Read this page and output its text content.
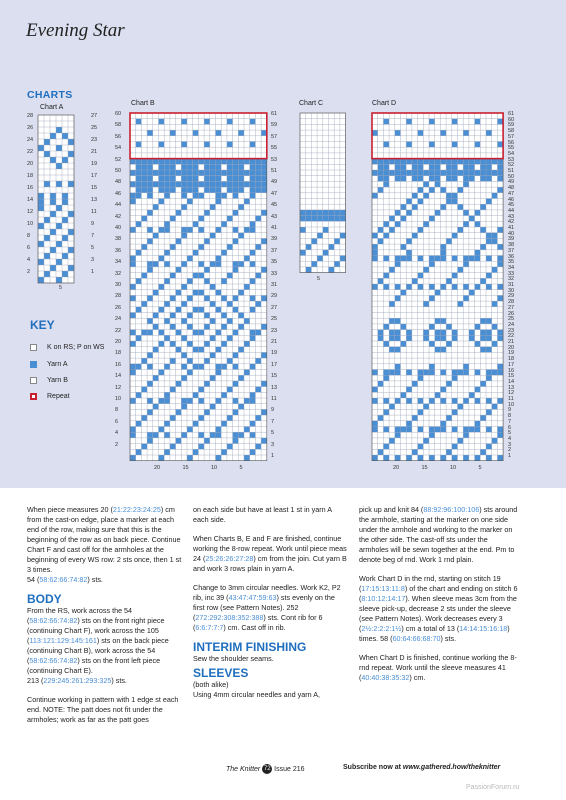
Evening Star
CHARTS
Chart A
28
26
24
22
20
18
16
14
12
10
8
6
4
2
27
25
23
21
19
17
15
13
11
9
7
5
3
1
5
Chart B
60
58
56
54
52
50
48
46
44
42
40
38
36
34
32
30
28
26
24
22
20
18
16
14
12
10
8
6
4
2
61
59
57
55
53
51
49
47
45
43
41
39
37
35
33
31
29
27
25
23
21
19
17
15
13
11
9
7
5
3
1
20	15	10	5
Chart C
5
Chart D
61
60
59
58
57
56
55
54
53
52
51
50
49
48
47
46
45
44
43
42
41
40
39
38
37
36
35
34
33
32
31
30
29
28
27
26
25
24
23
22
21
20
19
18
17
16
15
14
13
12
11
10
9
8
7
6
5
4
3
2
1
20	15	10	5
KEY
K on RS; P on WS
Yarn A
Yarn B
Repeat

When piece measures 20 (21:22:23:24:25) cm from the cast-on edge, place a marker at each end of the row, making sure that this is the beginning of the row as on back piece. Continue Chart F and cast off for the armholes at the beginning of every WS row: 2 sts once, then 1 st 3 times.
54 (58:62:66:74:82) sts.

BODY

From the RS, work across the 54 (58:62:66:74:82) sts on the front right piece (continuing Chart F), work across the 105 (113:121:129:145:161) sts on the back piece (continuing Chart B), work across the 54 (58:62:66:74:82) sts on the front left piece (continuing Chart E).
213 (229:245:261:293:325) sts.

Continue working in pattern with 1 edge st each end. NOTE: The patt does not fit under the armholes; work as far as the patt goes

on each side but have at least 1 st in yarn A each side.

When Charts B, E and F are finished, continue working the 8-row repeat. Work until piece meas 24 (25:26:26:27:28) cm from the join. Cut yarn B and work 3 rows plain in yarn A.

Change to 3mm circular needles. Work K2, P2 rib, inc 39 (43:47:47:59:63) sts evenly on the first row (see Pattern Notes). 252 (272:292:308:352:388) sts. Cont rib for 6 (6:6:7:7:7) cm. Cast off in rib.

INTERIM FINISHING

Sew the shoulder seams.

SLEEVES

(both alike)
Using 4mm circular needles and yarn A,

pick up and knit 84 (88:92:96:100:106) sts around the armhole, starting at the marker on one side under the armhole and working to the marker on the other side. The cast-off sts under the armholes will be sewn together at the end. Pm to denote beg of rnd. Work 1 rnd plain.

Work Chart D in the rnd, starting on stitch 19 (17:15:13:11:8) of the chart and ending on stitch 6 (8:10:12:14:17). When sleeve meas 3cm from the sleeve pick-up, decrease 2 sts under the sleeve (see Pattern Notes). Work decreases every 3 (2½:2:2:2:1½) cm a total of 13 (14:14:15:16:18) times. 58 (60:64:66:68:70) sts.

When Chart D is finished, continue working the 8-rnd repeat. Work until the sleeve measures 41 (40:40:38:35:32) cm.

The Knitter 72 Issue 216	Subscribe now at www.gathered.how/theknitter
PassionForum.ru
